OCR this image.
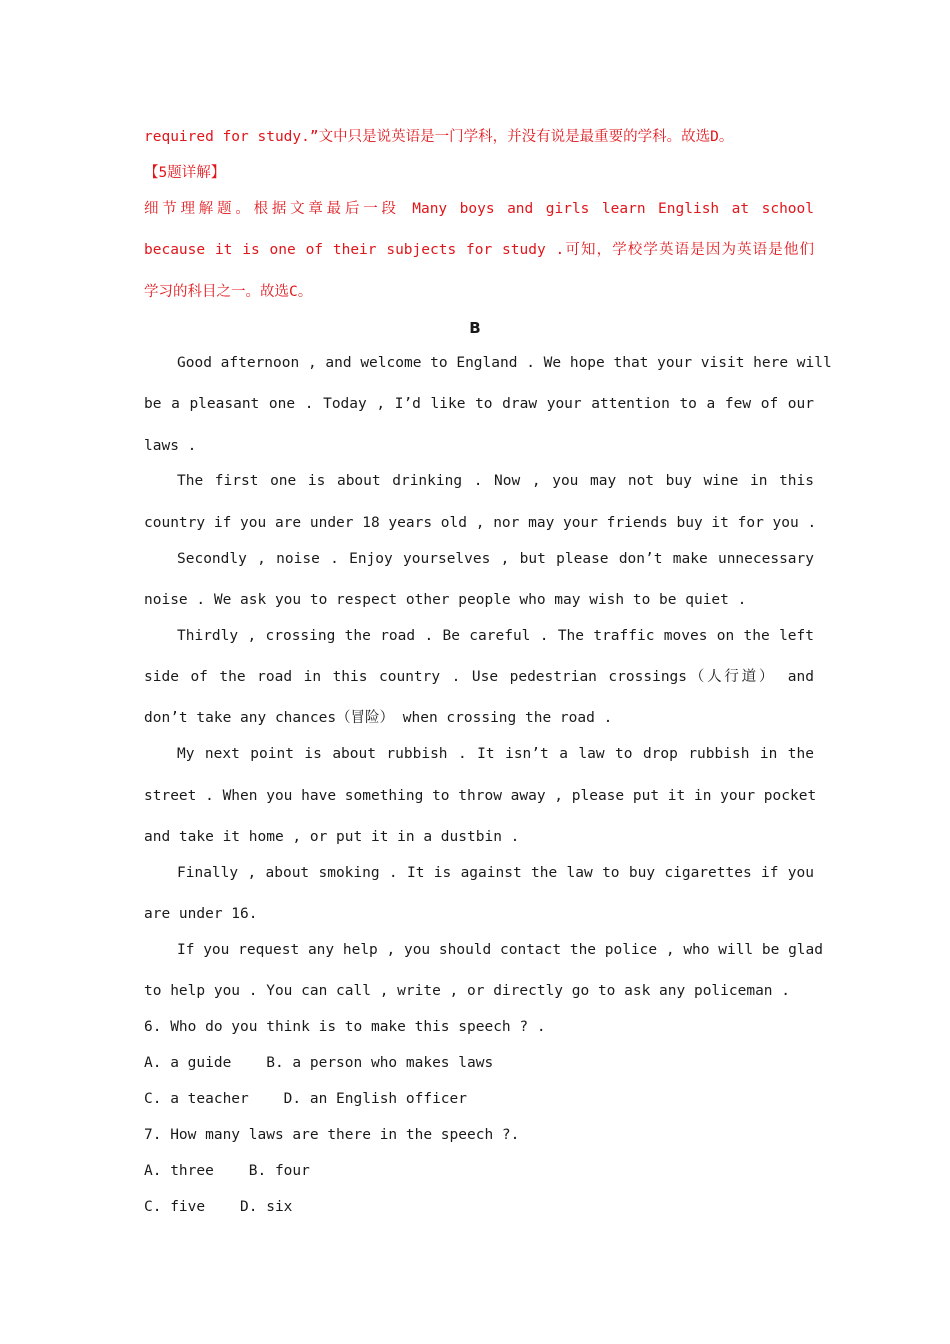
required for study.”文中只是说英语是一门学科，并没有说是最重要的学科。故选D。
【5题详解】
细节理解题。根据文章最后一段 Many boys and girls learn English at school
because it is one of their subjects for study .可知，学校学英语是因为英语是他们
学习的科目之一。故选C。
B
Good afternoon , and welcome to England . We hope that your visit here will
be a pleasant one . Today , I’d like to draw your attention to a few of our
laws .
The first one is about drinking . Now , you may not buy wine in this
country if you are under 18 years old , nor may your friends buy it for you .
Secondly , noise . Enjoy yourselves , but please don’t make unnecessary
noise . We ask you to respect other people who may wish to be quiet .
Thirdly , crossing the road . Be careful . The traffic moves on the left
side of the road in this country . Use pedestrian crossings（人行道） and
don’t take any chances（冒险） when crossing the road .
My next point is about rubbish . It isn’t a law to drop rubbish in the
street . When you have something to throw away , please put it in your pocket
and take it home , or put it in a dustbin .
Finally , about smoking . It is against the law to buy cigarettes if you
are under 16.
If you request any help , you should contact the police , who will be glad
to help you . You can call , write , or directly go to ask any policeman .
6. Who do you think is to make this speech ? .
A. a guide    B. a person who makes laws
C. a teacher    D. an English officer
7. How many laws are there in the speech ?.
A. three    B. four
C. five    D. six
